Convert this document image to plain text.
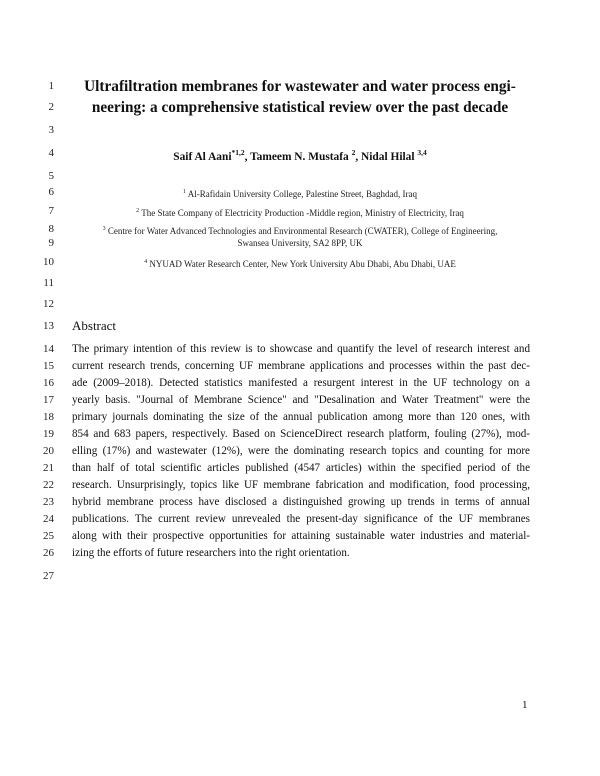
1
2
3
4
5
6
7
8
9
10
11
12
13
14
15
16
17
18
19
20
21
22
23
24
25
26
27
Ultrafiltration membranes for wastewater and water process engi-
neering: a comprehensive statistical review over the past decade
Saif Al Aani$^{*1,2}$, Tameem N. Mustafa $^2$, Nidal Hilal $^{3,4}$
$^1$ Al-Rafidain University College, Palestine Street, Baghdad, Iraq
$^2$ The State Company of Electricity Production -Middle region, Ministry of Electricity, Iraq
$^3$ Centre for Water Advanced Technologies and Environmental Research (CWATER), College of Engineering,
Swansea University, SA2 8PP, UK
$^4$ NYUAD Water Research Center, New York University Abu Dhabi, Abu Dhabi, UAE
Abstract
The primary intention of this review is to showcase and quantify the level of research interest and
current research trends, concerning UF membrane applications and processes within the past dec-
ade (2009–2018). Detected statistics manifested a resurgent interest in the UF technology on a
yearly basis. "Journal of Membrane Science" and "Desalination and Water Treatment" were the
primary journals dominating the size of the annual publication among more than 120 ones, with
854 and 683 papers, respectively. Based on ScienceDirect research platform, fouling (27%), mod-
elling (17%) and wastewater (12%), were the dominating research topics and counting for more
than half of total scientific articles published (4547 articles) within the specified period of the
research. Unsurprisingly, topics like UF membrane fabrication and modification, food processing,
hybrid membrane process have disclosed a distinguished growing up trends in terms of annual
publications. The current review unrevealed the present-day significance of the UF membranes
along with their prospective opportunities for attaining sustainable water industries and material-
izing the efforts of future researchers into the right orientation.
1
